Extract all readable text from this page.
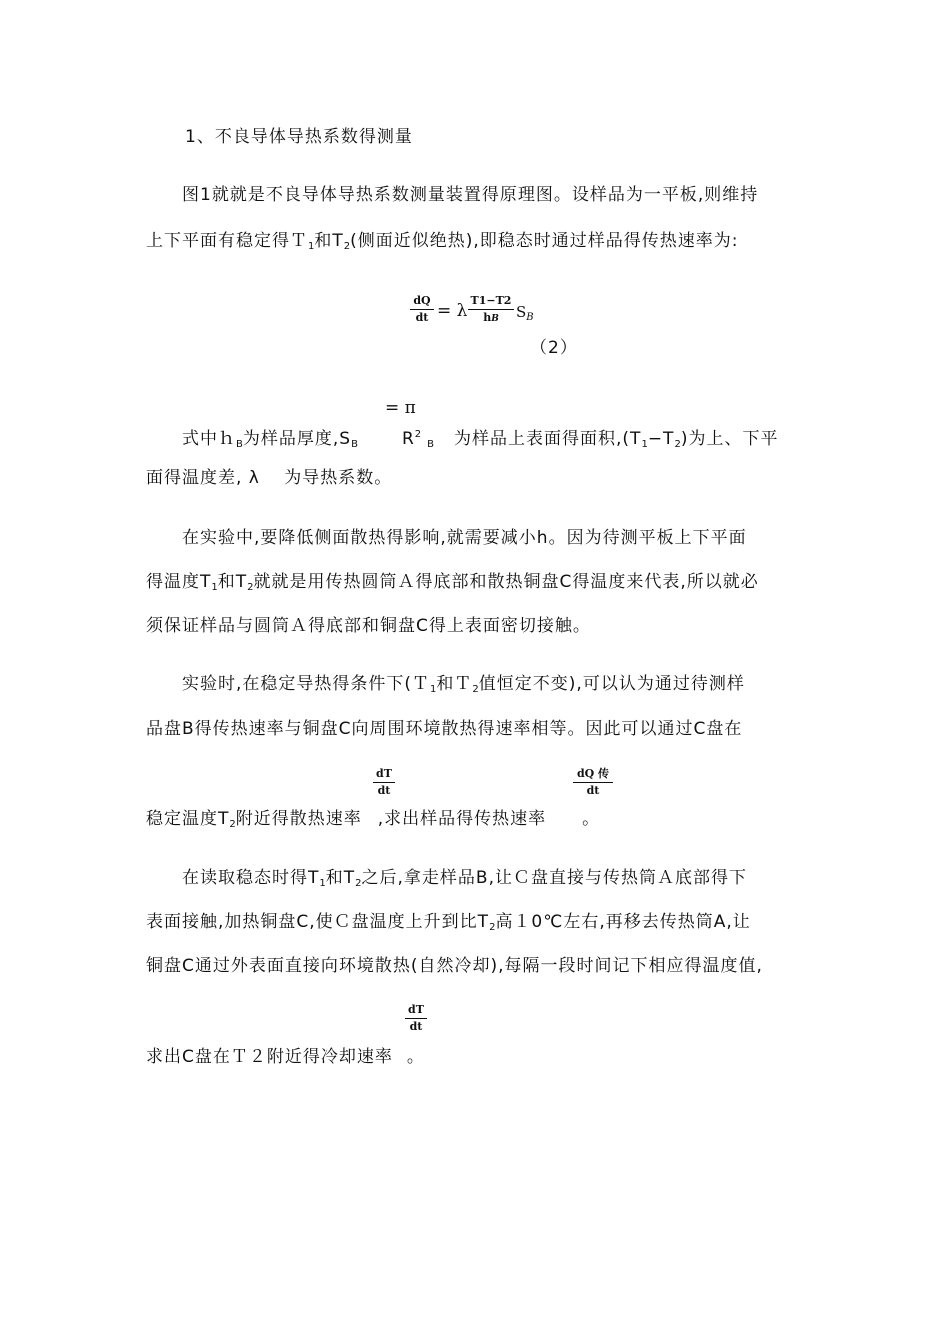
1、不良导体导热系数得测量
图1就就是不良导体导热系数测量装置得原理图。设样品为一平板,则维持
上下平面有稳定得Ｔ$_1$和$T_2$(侧面近似绝热),即稳态时通过样品得传热速率为:
dQ
dt = λ
T1−T2
hB	$S_B$
（2）
= π
式中ｈ$_B$为样品厚度$,S_B$	$R^2_B$ 为样品上表面得面积$,(T_1-T_2)$为上、下平
面得温度差, λ　 为导热系数。
在实验中,要降低侧面散热得影响,就需要减小h。因为待测平板上下平面
得温度$T_1$和$T_2$就就是用传热圆筒Ａ得底部和散热铜盘C得温度来代表,所以就必
须保证样品与圆筒Ａ得底部和铜盘C得上表面密切接触。
实验时,在稳定导热得条件下(Ｔ$_1$和Ｔ$_2$值恒定不变),可以认为通过待测样
品盘B得传热速率与铜盘C向周围环境散热得速率相等。因此可以通过C盘在
dT
dt
dQ 传
dt
稳定温度$T_2$附近得散热速率 ,求出样品得传热速率 。
在读取稳态时得$T_1$和$T_2$之后,拿走样品B,让Ｃ盘直接与传热筒Ａ底部得下
表面接触,加热铜盘C,使Ｃ盘温度上升到比$T_2$高１0℃左右,再移去传热筒A,让
铜盘C通过外表面直接向环境散热(自然冷却),每隔一段时间记下相应得温度值,
dT
dt
求出C盘在Ｔ２附近得冷却速率 。
